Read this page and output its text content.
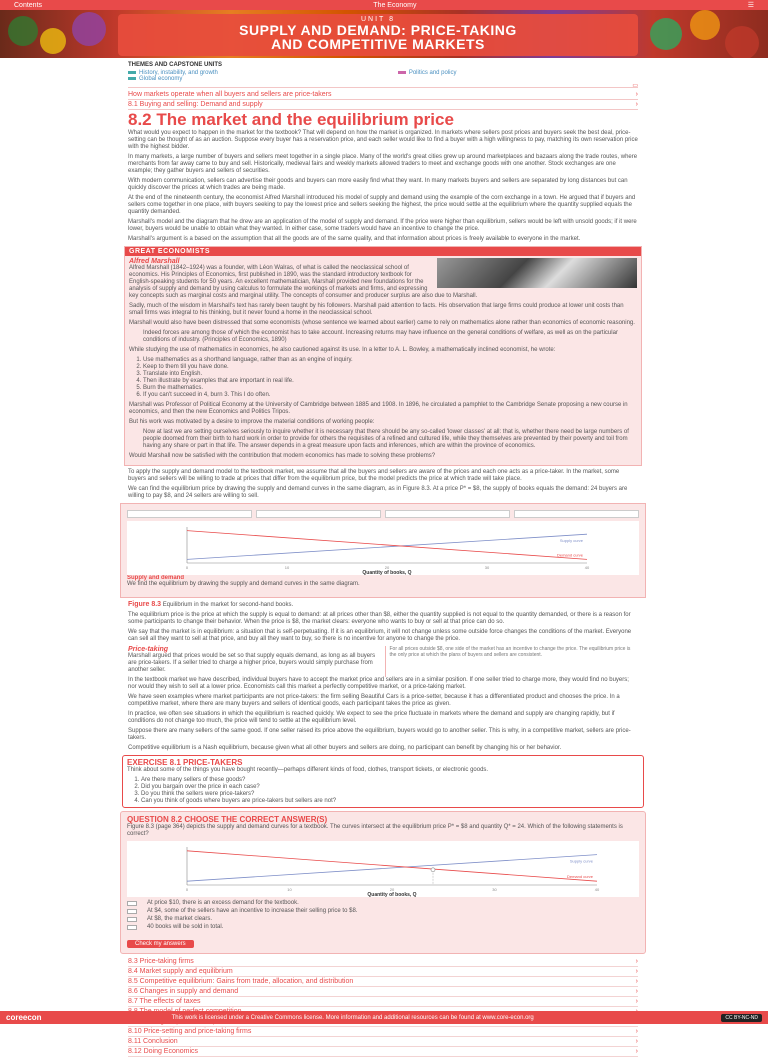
Contents	The Economy	☰
UNIT 8
SUPPLY AND DEMAND: PRICE-TAKING
AND COMPETITIVE MARKETS
THEMES AND CAPSTONE UNITS
History, instability, and growth
Global economy
Politics and policy
▭
How markets operate when all buyers and sellers are price-takers	›
8.1 Buying and selling: Demand and supply	›
8.2 The market and the equilibrium price

What would you expect to happen in the market for the textbook? That will depend on how the market is organized. In markets where sellers post prices and buyers seek the best deal, price-setting can be thought of as an auction. Suppose every buyer has a reservation price, and each seller would like to find a buyer with a high willingness to pay, matching its own reservation price with the highest bidder.

In many markets, a large number of buyers and sellers meet together in a single place. Many of the world's great cities grew up around marketplaces and bazaars along the trade routes, where merchants from far away came to buy and sell. Historically, medieval fairs and weekly markets allowed traders to meet and exchange goods with one another. Stock exchanges are one example; they gather buyers and sellers of securities.

With modern communication, sellers can advertise their goods and buyers can more easily find what they want. In many markets buyers and sellers are separated by long distances but can quickly discover the prices at which trades are being made.

At the end of the nineteenth century, the economist Alfred Marshall introduced his model of supply and demand using the example of the corn exchange in a town. He argued that if buyers and sellers come together in one place, with buyers seeking to pay the lowest price and sellers seeking the highest, the price would settle at the equilibrium where the quantity supplied equals the quantity demanded.

Marshall's model and the diagram that he drew are an application of the model of supply and demand. If the price were higher than equilibrium, sellers would be left with unsold goods; if it were lower, buyers would be unable to obtain what they wanted. In either case, some traders would have an incentive to change the price.

Marshall's argument is a based on the assumption that all the goods are of the same quality, and that information about prices is freely available to everyone in the market.

GREAT ECONOMISTS
Alfred Marshall

Alfred Marshall (1842–1924) was a founder, with Léon Walras, of what is called the neoclassical school of economics. His Principles of Economics, first published in 1890, was the standard introductory textbook for English-speaking students for 50 years. An excellent mathematician, Marshall provided new foundations for the analysis of supply and demand by using calculus to formulate the workings of markets and firms, and expressing key concepts such as marginal costs and marginal utility. The concepts of consumer and producer surplus are also due to Marshall.

Sadly, much of the wisdom in Marshall's text has rarely been taught by his followers. Marshall paid attention to facts. His observation that large firms could produce at lower unit costs than small firms was integral to his thinking, but it never found a home in the neoclassical school.

Marshall would also have been distressed that some economists (whose sentence we learned about earlier) came to rely on mathematics alone rather than economics of economic reasoning.

Indeed forces are among those of which the economist has to take account. Increasing returns may have influence on the general conditions of welfare, as well as on the particular conditions of industry. (Principles of Economics, 1890)

While studying the use of mathematics in economics, he also cautioned against its use. In a letter to A. L. Bowley, a mathematically inclined economist, he wrote:

1. Use mathematics as a shorthand language, rather than as an engine of inquiry.
2. Keep to them till you have done.
3. Translate into English.
4. Then illustrate by examples that are important in real life.
5. Burn the mathematics.
6. If you can't succeed in 4, burn 3. This I do often.

Marshall was Professor of Political Economy at the University of Cambridge between 1885 and 1908. In 1896, he circulated a pamphlet to the Cambridge Senate proposing a new course in economics, and then the new Economics and Politics Tripos.

But his work was motivated by a desire to improve the material conditions of working people:

Now at last we are setting ourselves seriously to inquire whether it is necessary that there should be any so-called 'lower classes' at all: that is, whether there need be large numbers of people doomed from their birth to hard work in order to provide for others the requisites of a refined and cultured life, while they themselves are prevented by their poverty and toil from having any share or part in that life. The answer depends in a great measure upon facts and inferences, which are within the province of economics.

Would Marshall now be satisfied with the contribution that modern economics has made to solving these problems?

To apply the supply and demand model to the textbook market, we assume that all the buyers and sellers are aware of the prices and each one acts as a price-taker. In the market, some buyers and sellers will be willing to trade at prices that differ from the equilibrium price, but the model predicts the price at which trade will take place.

We can find the equilibrium price by drawing the supply and demand curves in the same diagram, as in Figure 8.3. At a price P* = $8, the supply of books equals the demand: 24 buyers are willing to pay $8, and 24 sellers are willing to sell.

0	10	20	30	40
Supply curve
Demand curve
Quantity of books, Q
Supply and demand
We find the equilibrium by drawing the supply and demand curves in the same diagram.
Figure 8.3 Equilibrium in the market for second-hand books.

The equilibrium price is the price at which the supply is equal to demand: at all prices other than $8, either the quantity supplied is not equal to the quantity demanded, or there is a reason for some participants to change their behavior. When the price is $8, the market clears: everyone who wants to buy or sell at that price can do so.

We say that the market is in equilibrium: a situation that is self-perpetuating. If it is an equilibrium, it will not change unless some outside force changes the conditions of the market. Everyone can sell all they want to sell at that price, and buy all they want to buy, so there is no incentive for anyone to change the price.

Price-taking

Marshall argued that prices would be set so that supply equals demand, as long as all buyers are price-takers. If a seller tried to charge a higher price, buyers would simply purchase from another seller.

For all prices outside $8, one side of the market has an incentive to change the price. The equilibrium price is the only price at which the plans of buyers and sellers are consistent.

In the textbook market we have described, individual buyers have to accept the market price and sellers are in a similar position. If one seller tried to charge more, they would find no buyers; nor would they wish to sell at a lower price. Economists call this market a perfectly competitive market, or a price-taking market.

We have seen examples where market participants are not price-takers: the firm selling Beautiful Cars is a price-setter, because it has a differentiated product and chooses the price. In a competitive market, where there are many buyers and sellers of identical goods, each participant takes the price as given.

In practice, we often see situations in which the equilibrium is reached quickly. We expect to see the price fluctuate in markets where the demand and supply are changing rapidly, but if conditions do not change too much, the price will tend to settle at the equilibrium level.

Suppose there are many sellers of the same good. If one seller raised its price above the equilibrium, buyers would go to another seller. This is why, in a competitive market, sellers are price-takers.

Competitive equilibrium is a Nash equilibrium, because given what all other buyers and sellers are doing, no participant can benefit by changing his or her behavior.

EXERCISE 8.1 PRICE-TAKERS
Think about some of the things you have bought recently—perhaps different kinds of food, clothes, transport tickets, or electronic goods.
1. Are there many sellers of these goods?
2. Did you bargain over the price in each case?
3. Do you think the sellers were price-takers?
4. Can you think of goods where buyers are price-takers but sellers are not?
QUESTION 8.2 CHOOSE THE CORRECT ANSWER(S)
Figure 8.3 (page 364) depicts the supply and demand curves for a textbook. The curves intersect at the equilibrium price P* = $8 and quantity Q* = 24. Which of the following statements is correct?
0	10	20	30	40
Supply curve
Demand curve
Quantity of books, Q
At price $10, there is an excess demand for the textbook.
At $4, some of the sellers have an incentive to increase their selling price to $8.
At $8, the market clears.
40 books will be sold in total.
Check my answers
8.3 Price-taking firms	›
8.4 Market supply and equilibrium	›
8.5 Competitive equilibrium: Gains from trade, allocation, and distribution	›
8.6 Changes in supply and demand	›
8.7 The effects of taxes	›
8.10 Price-setting and price-taking firms	›
8.11 Conclusion	›
8.12 Doing Economics	›
coreecon	This work is licensed under a Creative Commons license. More information and additional resources can be found at www.core-econ.org	CC BY-NC-ND
